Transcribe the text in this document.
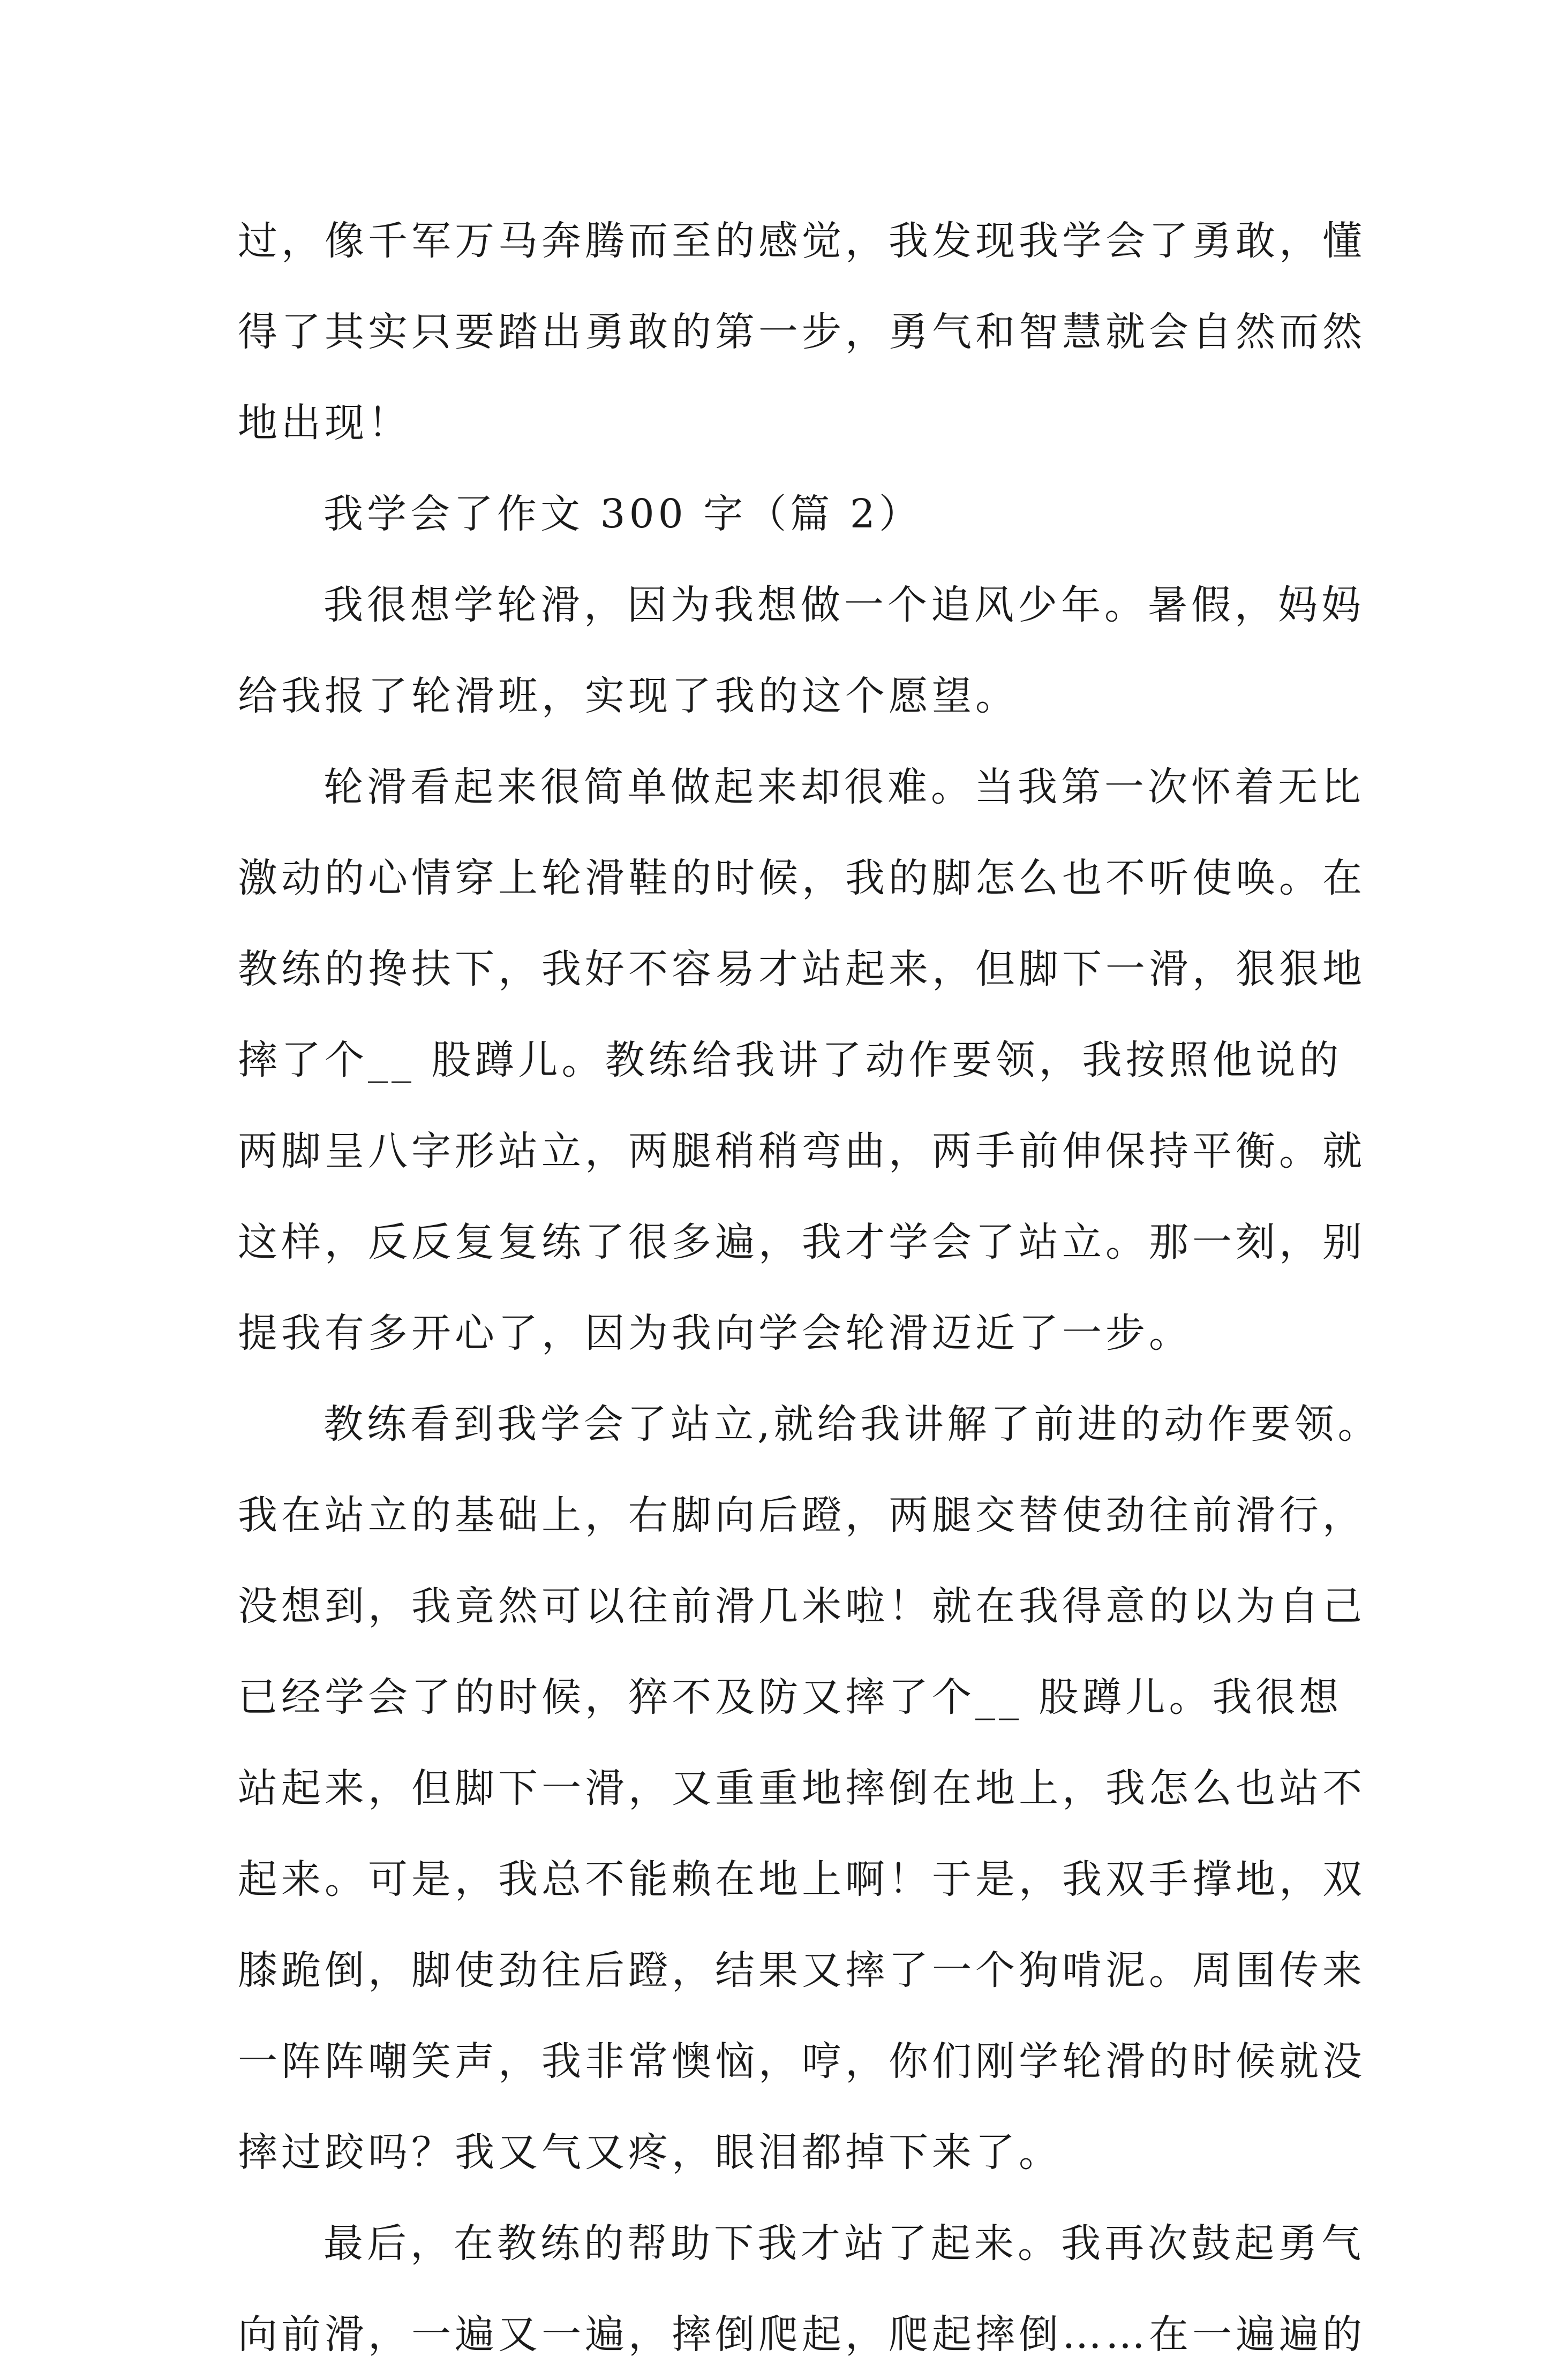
过，像千军万马奔腾而至的感觉，我发现我学会了勇敢，懂
得了其实只要踏出勇敢的第一步，勇气和智慧就会自然而然
地出现！
我学会了作文 300 字（篇 2）
我很想学轮滑，因为我想做一个追风少年。暑假，妈妈
给我报了轮滑班，实现了我的这个愿望。
轮滑看起来很简单做起来却很难。当我第一次怀着无比
激动的心情穿上轮滑鞋的时候，我的脚怎么也不听使唤。在
教练的搀扶下，我好不容易才站起来，但脚下一滑，狠狠地
摔了个__ 股蹲儿。教练给我讲了动作要领，我按照他说的
两脚呈八字形站立，两腿稍稍弯曲，两手前伸保持平衡。就
这样，反反复复练了很多遍，我才学会了站立。那一刻，别
提我有多开心了，因为我向学会轮滑迈近了一步。
教练看到我学会了站立,就给我讲解了前进的动作要领。
我在站立的基础上，右脚向后蹬，两腿交替使劲往前滑行，
没想到，我竟然可以往前滑几米啦！就在我得意的以为自己
已经学会了的时候，猝不及防又摔了个__ 股蹲儿。我很想
站起来，但脚下一滑，又重重地摔倒在地上，我怎么也站不
起来。可是，我总不能赖在地上啊！于是，我双手撑地，双
膝跪倒，脚使劲往后蹬，结果又摔了一个狗啃泥。周围传来
一阵阵嘲笑声，我非常懊恼，哼，你们刚学轮滑的时候就没
摔过跤吗？我又气又疼，眼泪都掉下来了。
最后，在教练的帮助下我才站了起来。我再次鼓起勇气
向前滑，一遍又一遍，摔倒爬起，爬起摔倒……在一遍遍的
